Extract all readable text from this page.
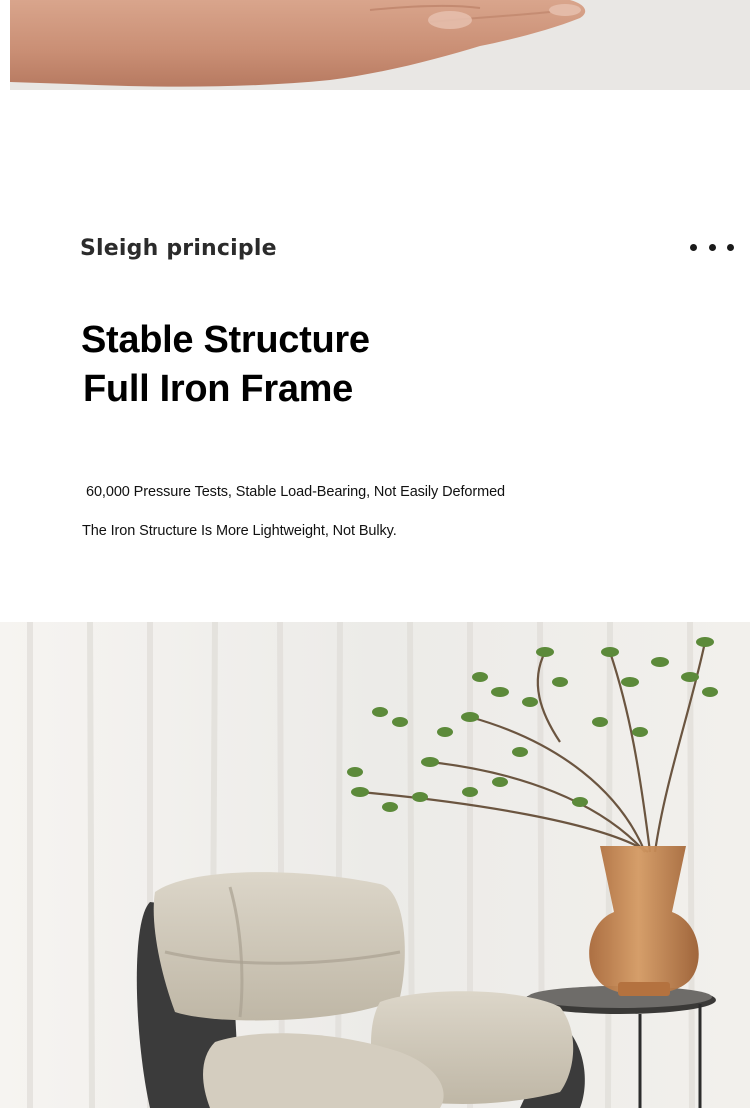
Sleigh principle
Stable Structure
Full Iron Frame
60,000 Pressure Tests, Stable Load-Bearing, Not Easily Deformed
The Iron Structure Is More Lightweight, Not Bulky.
